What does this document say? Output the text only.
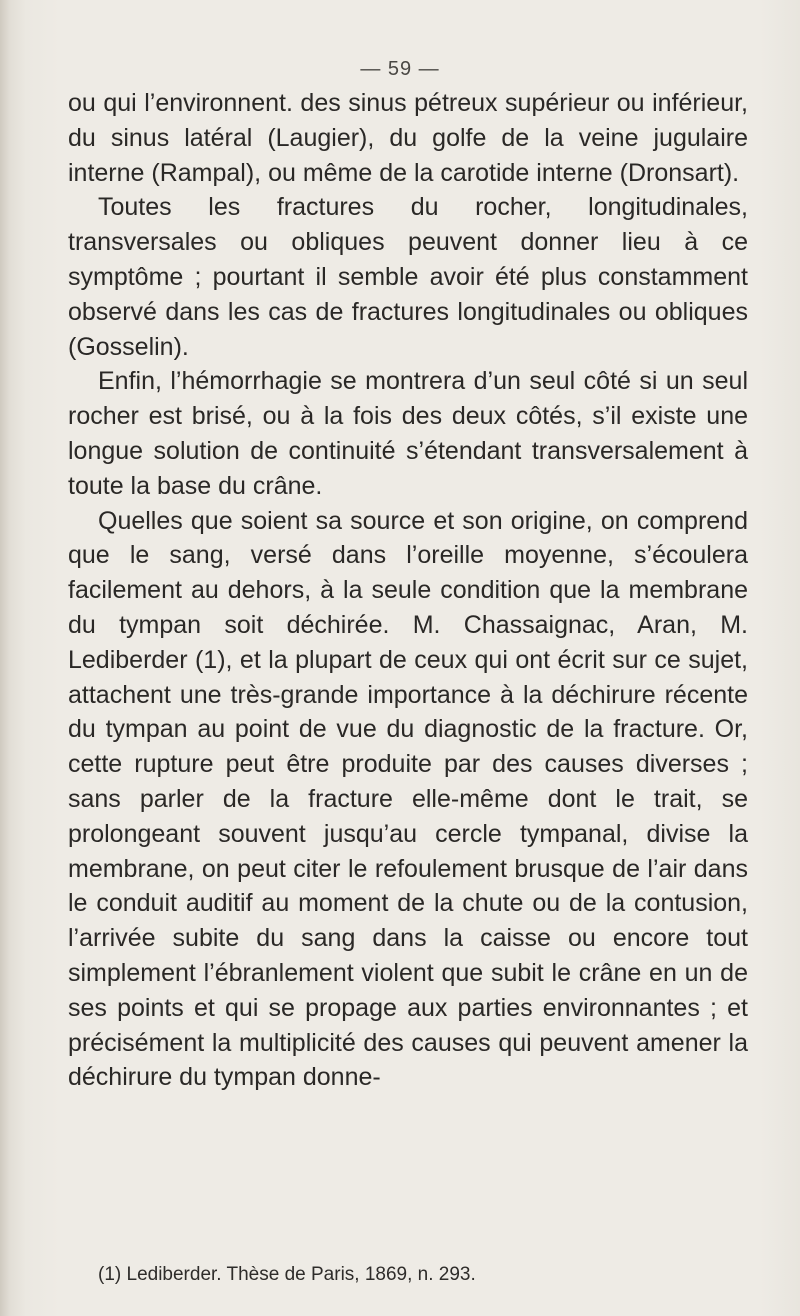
— 59 —

ou qui l’environnent. des sinus pétreux supérieur ou inférieur, du sinus latéral (Laugier), du golfe de la veine jugulaire interne (Rampal), ou même de la carotide interne (Dronsart).

Toutes les fractures du rocher, longitudinales, transversales ou obliques peuvent donner lieu à ce symptôme ; pourtant il semble avoir été plus constamment observé dans les cas de fractures longitudinales ou obliques (Gosselin).

Enfin, l’hémorrhagie se montrera d’un seul côté si un seul rocher est brisé, ou à la fois des deux côtés, s’il existe une longue solution de continuité s’étendant transversalement à toute la base du crâne.

Quelles que soient sa source et son origine, on comprend que le sang, versé dans l’oreille moyenne, s’écoulera facilement au dehors, à la seule condition que la membrane du tympan soit déchirée. M. Chassaignac, Aran, M. Lediberder (1), et la plupart de ceux qui ont écrit sur ce sujet, attachent une très-grande importance à la déchirure récente du tympan au point de vue du diagnostic de la fracture. Or, cette rupture peut être produite par des causes diverses ; sans parler de la fracture elle-même dont le trait, se prolongeant souvent jusqu’au cercle tympanal, divise la membrane, on peut citer le refoulement brusque de l’air dans le conduit auditif au moment de la chute ou de la contusion, l’arrivée subite du sang dans la caisse ou encore tout simplement l’ébranlement violent que subit le crâne en un de ses points et qui se propage aux parties environnantes ; et précisément la multiplicité des causes qui peuvent amener la déchirure du tympan donne-

(1) Lediberder. Thèse de Paris, 1869, n. 293.
